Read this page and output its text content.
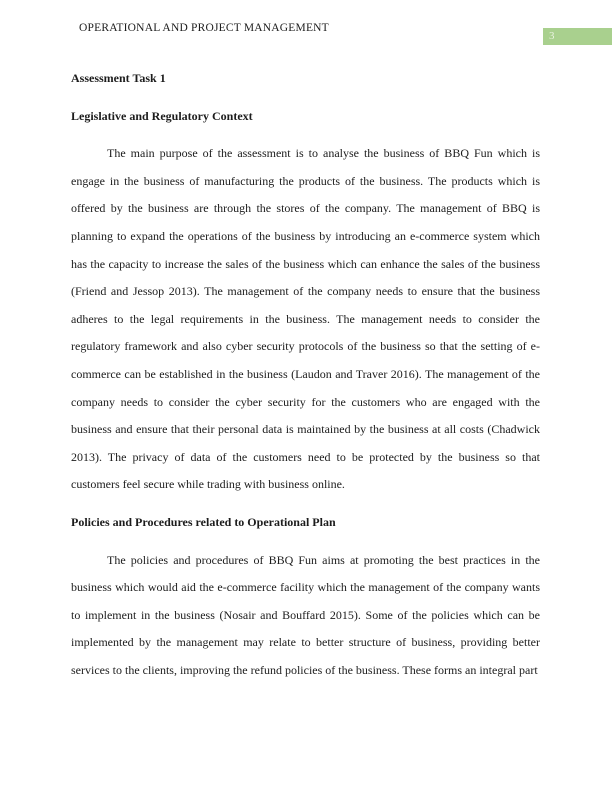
OPERATIONAL AND PROJECT MANAGEMENT
3
Assessment Task 1
Legislative and Regulatory Context

The main purpose of the assessment is to analyse the business of BBQ Fun which is engage in the business of manufacturing the products of the business. The products which is offered by the business are through the stores of the company. The management of BBQ is planning to expand the operations of the business by introducing an e-commerce system which has the capacity to increase the sales of the business which can enhance the sales of the business (Friend and Jessop 2013). The management of the company needs to ensure that the business adheres to the legal requirements in the business. The management needs to consider the regulatory framework and also cyber security protocols of the business so that the setting of e-commerce can be established in the business (Laudon and Traver 2016). The management of the company needs to consider the cyber security for the customers who are engaged with the business and ensure that their personal data is maintained by the business at all costs (Chadwick 2013). The privacy of data of the customers need to be protected by the business so that customers feel secure while trading with business online.

Policies and Procedures related to Operational Plan

The policies and procedures of BBQ Fun aims at promoting the best practices in the business which would aid the e-commerce facility which the management of the company wants to implement in the business (Nosair and Bouffard 2015). Some of the policies which can be implemented by the management may relate to better structure of business, providing better services to the clients, improving the refund policies of the business. These forms an integral part
